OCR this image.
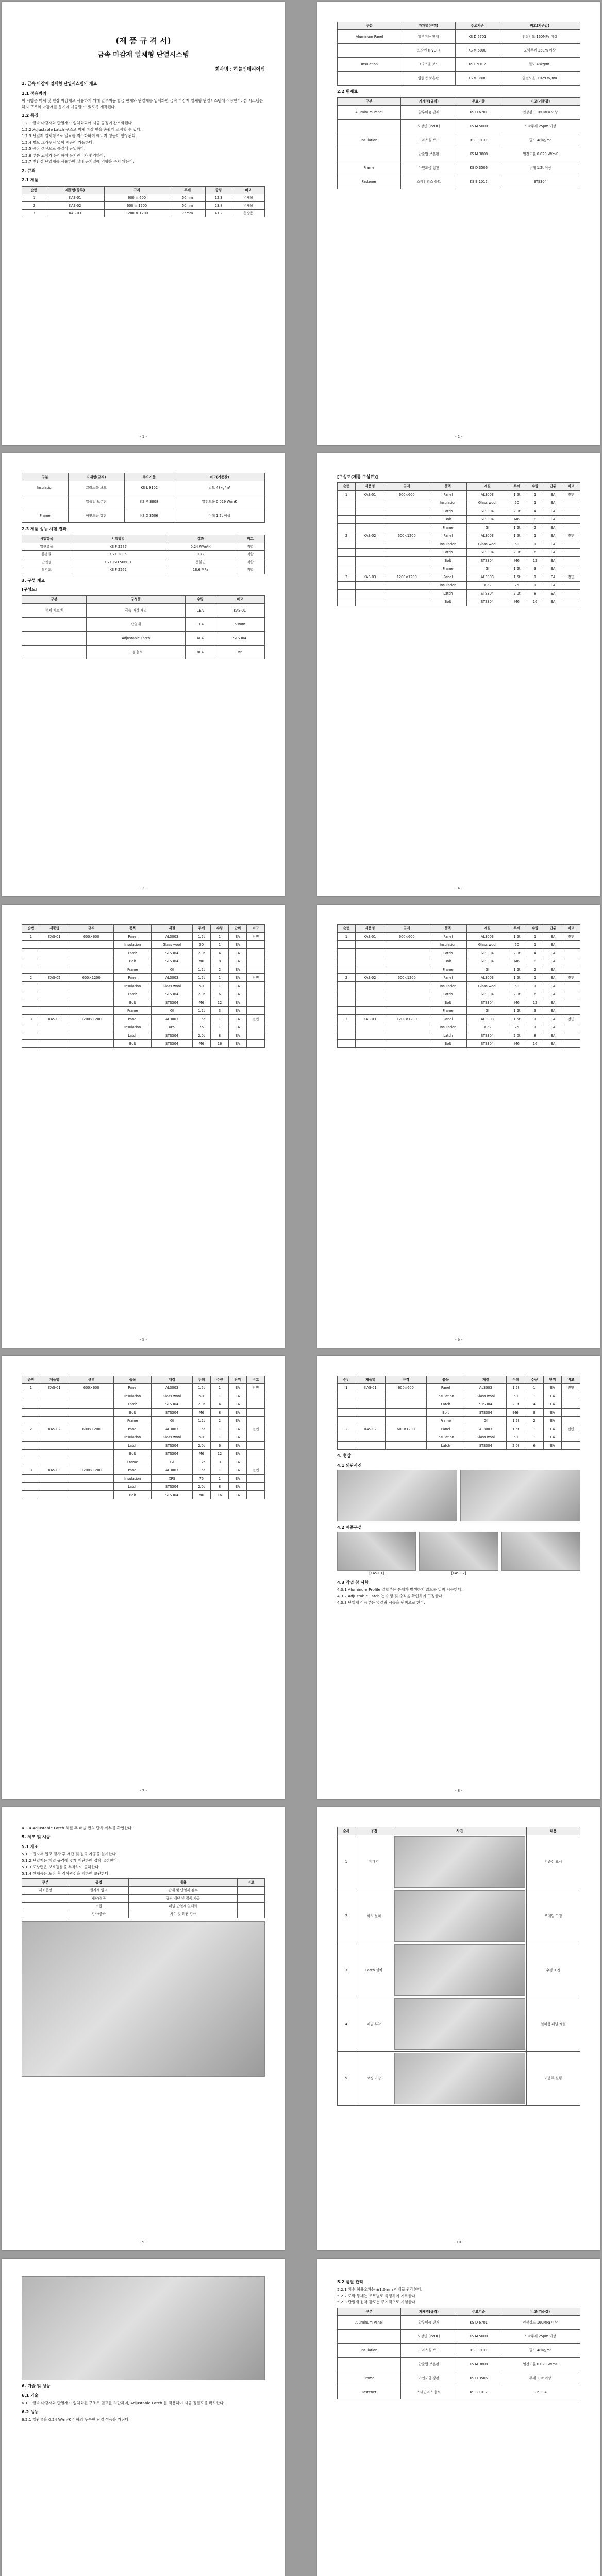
(제 품 규 격 서)
금속 마감재 일체형 단열시스템
회사명 : 하늘인테리어팀
1. 금속 마감재 일체형 단열시스템의 개요
1.1 적용범위
이 시방은 벽체 및 천장 마감재로 사용하기 위해 알루미늄 합금 판재와 단열재를 일체화한 금속 마감재 일체형 단열시스템에 적용한다. 본 시스템은 하지 구조와 마감재를 동시에 시공할 수 있도록 제작된다.
1.2 특징
1.2.1 금속 마감재와 단열재가 일체화되어 시공 공정이 간소화된다.
1.2.2 Adjustable Latch 구조로 벽체 마감 면을 손쉽게 조정할 수 있다.
1.2.3 단열재 일체형으로 열교를 최소화하여 에너지 성능이 향상된다.
1.2.4 별도 그라우팅 없이 시공이 가능하다.
1.2.5 공장 생산으로 품질이 균일하다.
1.2.6 부분 교체가 용이하여 유지관리가 편리하다.
1.2.7 친환경 단열재를 사용하여 실내 공기질에 영향을 주지 않는다.
2. 규격
2.1 제품
순번	제품명(종류)	규격	두께	중량	비고
1	KAS-01	600 × 600	50mm	12.3	벽체용
2	KAS-02	600 × 1200	50mm	23.8	벽체용
3	KAS-03	1200 × 1200	75mm	41.2	천장용
- 1 -
구분	자재명(규격)	주요기준	비고(기준값)
Aluminum Panel	알루미늄 판재	KS D 6701	인장강도 160MPa 이상
	도장면 (PVDF)	KS M 5000	도막두께 25μm 이상
Insulation	그라스울 보드	KS L 9102	밀도 48kg/m³
	압출법 보온판	KS M 3808	열전도율 0.029 W/mK
2.2 원재료
구분	자재명(규격)	주요기준	비고(기준값)
Aluminum Panel	알루미늄 판재	KS D 6701	인장강도 160MPa 이상
	도장면 (PVDF)	KS M 5000	도막두께 25μm 이상
Insulation	그라스울 보드	KS L 9102	밀도 48kg/m³
	압출법 보온판	KS M 3808	열전도율 0.029 W/mK
Frame	아연도금 강판	KS D 3506	두께 1.2t 이상
Fastener	스테인리스 볼트	KS B 1012	STS304
- 2 -
구분	자재명(규격)	주요기준	비고(기준값)
Insulation	그라스울 보드	KS L 9102	밀도 48kg/m³
	압출법 보온판	KS M 3808	열전도율 0.029 W/mK
Frame	아연도금 강판	KS D 3506	두께 1.2t 이상
2.3 제품 성능 시험 결과
시험항목	시험방법	결과	비고
열관류율	KS F 2277	0.24 W/m²K	적합
흡음률	KS F 2805	0.72	적합
난연성	KS F ISO 5660-1	준불연	적합
휨강도	KS F 2262	18.6 MPa	적합
3. 구성 계요
[구성도]
구분	구성품	수량	비고
벽체 시스템	금속 마감 패널	1EA	KAS-01
	단열재	1EA	50mm
	Adjustable Latch	4EA	STS304
	고정 볼트	8EA	M6
- 3 -
[구성도(제품 구성표)]
순번	제품명	규격	품목	재질	두께	수량	단위	비고
1	KAS-01	600×600	Panel	AL3003	1.5t	1	EA	전면
			Insulation	Glass wool	50	1	EA	
			Latch	STS304	2.0t	4	EA	
			Bolt	STS304	M6	8	EA	
			Frame	GI	1.2t	2	EA	
2	KAS-02	600×1200	Panel	AL3003	1.5t	1	EA	전면
			Insulation	Glass wool	50	1	EA	
			Latch	STS304	2.0t	6	EA	
			Bolt	STS304	M6	12	EA	
			Frame	GI	1.2t	3	EA	
3	KAS-03	1200×1200	Panel	AL3003	1.5t	1	EA	전면
			Insulation	XPS	75	1	EA	
			Latch	STS304	2.0t	8	EA	
			Bolt	STS304	M6	16	EA	
- 4 -
순번	제품명	규격	품목	재질	두께	수량	단위	비고
1	KAS-01	600×600	Panel	AL3003	1.5t	1	EA	전면
			Insulation	Glass wool	50	1	EA	
			Latch	STS304	2.0t	4	EA	
			Bolt	STS304	M6	8	EA	
			Frame	GI	1.2t	2	EA	
2	KAS-02	600×1200	Panel	AL3003	1.5t	1	EA	전면
			Insulation	Glass wool	50	1	EA	
			Latch	STS304	2.0t	6	EA	
			Bolt	STS304	M6	12	EA	
			Frame	GI	1.2t	3	EA	
3	KAS-03	1200×1200	Panel	AL3003	1.5t	1	EA	전면
			Insulation	XPS	75	1	EA	
			Latch	STS304	2.0t	8	EA	
			Bolt	STS304	M6	16	EA	
- 5 -
순번	제품명	규격	품목	재질	두께	수량	단위	비고
1	KAS-01	600×600	Panel	AL3003	1.5t	1	EA	전면
			Insulation	Glass wool	50	1	EA	
			Latch	STS304	2.0t	4	EA	
			Bolt	STS304	M6	8	EA	
			Frame	GI	1.2t	2	EA	
2	KAS-02	600×1200	Panel	AL3003	1.5t	1	EA	전면
			Insulation	Glass wool	50	1	EA	
			Latch	STS304	2.0t	6	EA	
			Bolt	STS304	M6	12	EA	
			Frame	GI	1.2t	3	EA	
3	KAS-03	1200×1200	Panel	AL3003	1.5t	1	EA	전면
			Insulation	XPS	75	1	EA	
			Latch	STS304	2.0t	8	EA	
			Bolt	STS304	M6	16	EA	
- 6 -
순번	제품명	규격	품목	재질	두께	수량	단위	비고
1	KAS-01	600×600	Panel	AL3003	1.5t	1	EA	전면
			Insulation	Glass wool	50	1	EA	
			Latch	STS304	2.0t	4	EA	
			Bolt	STS304	M6	8	EA	
			Frame	GI	1.2t	2	EA	
2	KAS-02	600×1200	Panel	AL3003	1.5t	1	EA	전면
			Insulation	Glass wool	50	1	EA	
			Latch	STS304	2.0t	6	EA	
			Bolt	STS304	M6	12	EA	
			Frame	GI	1.2t	3	EA	
3	KAS-03	1200×1200	Panel	AL3003	1.5t	1	EA	전면
			Insulation	XPS	75	1	EA	
			Latch	STS304	2.0t	8	EA	
			Bolt	STS304	M6	16	EA	
- 7 -
순번	제품명	규격	품목	재질	두께	수량	단위	비고
1	KAS-01	600×600	Panel	AL3003	1.5t	1	EA	전면
			Insulation	Glass wool	50	1	EA	
			Latch	STS304	2.0t	4	EA	
			Bolt	STS304	M6	8	EA	
			Frame	GI	1.2t	2	EA	
2	KAS-02	600×1200	Panel	AL3003	1.5t	1	EA	전면
			Insulation	Glass wool	50	1	EA	
			Latch	STS304	2.0t	6	EA	
4. 형상
4.1 외관사진
4.2 제품구성
[KAS-01]	[KAS-02]
4.3 작업 참 사항
4.3.1 Aluminum Profile 결합부는 틈새가 발생하지 않도록 밀착 시공한다.
4.3.2 Adjustable Latch 는 수평 및 수직을 확인하여 고정한다.
4.3.3 단열재 이음부는 엇갈림 시공을 원칙으로 한다.
- 8 -
4.3.4 Adjustable Latch 체결 후 패널 면의 단차 여부를 확인한다.
5. 제조 및 시공
5.1 제조
5.1.1 원자재 입고 검사 후 재단 및 절곡 가공을 실시한다.
5.1.2 단열재는 패널 규격에 맞게 재단하여 접착 고정한다.
5.1.3 도장면은 보호필름을 부착하여 출하한다.
5.1.4 완제품은 포장 후 직사광선을 피하여 보관한다.
구분	공정	내용	비고
제조공정	원자재 입고	판재 및 단열재 검수	
	재단/절곡	규격 재단 및 절곡 가공	
	조립	패널-단열재 일체화	
	검사/출하	치수 및 외관 검사	
- 9 -
순서	공정	사진	내용
1	먹매김		기준선 표시
2	하지 설치		프레임 고정
3	Latch 설치		수평 조정
4	패널 부착		일체형 패널 체결
5	코킹 마감		이음부 실링
- 10 -
6. 기술 및 성능
6.1 기술
6.1.1 금속 마감재와 단열재가 일체화된 구조로 열교를 차단하며, Adjustable Latch 를 적용하여 시공 정밀도를 확보한다.
6.2 성능
6.2.1 열관류율 0.24 W/m²K 이하의 우수한 단열 성능을 가진다.
5.2 품질 관리
5.2.1 치수 허용오차는 ±1.0mm 이내로 관리한다.
5.2.2 도막 두께는 로트별로 측정하여 기록한다.
5.2.3 단열재 접착 강도는 주기적으로 시험한다.
구분	자재명(규격)	주요기준	비고(기준값)
Aluminum Panel	알루미늄 판재	KS D 6701	인장강도 160MPa 이상
	도장면 (PVDF)	KS M 5000	도막두께 25μm 이상
Insulation	그라스울 보드	KS L 9102	밀도 48kg/m³
	압출법 보온판	KS M 3808	열전도율 0.029 W/mK
Frame	아연도금 강판	KS D 3506	두께 1.2t 이상
Fastener	스테인리스 볼트	KS B 1012	STS304
